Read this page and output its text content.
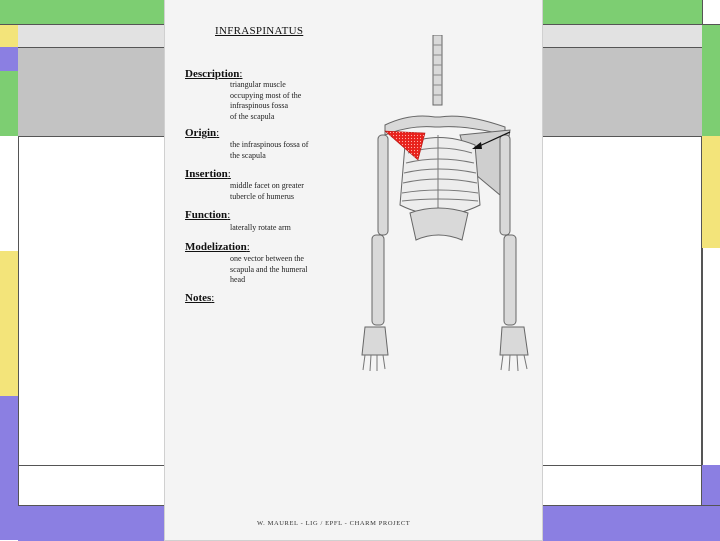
INFRASPINATUS
Description:
triangular muscle
occupying most of the
infraspinous fossa
of the scapula
Origin:
the infraspinous fossa of
the scapula
Insertion:
middle facet on greater
tubercle of humerus
Function:
laterally rotate arm
Modelization:
one vector between the
scapula and the humeral
head
Notes:
W. MAUREL - LIG / EPFL - CHARM PROJECT
